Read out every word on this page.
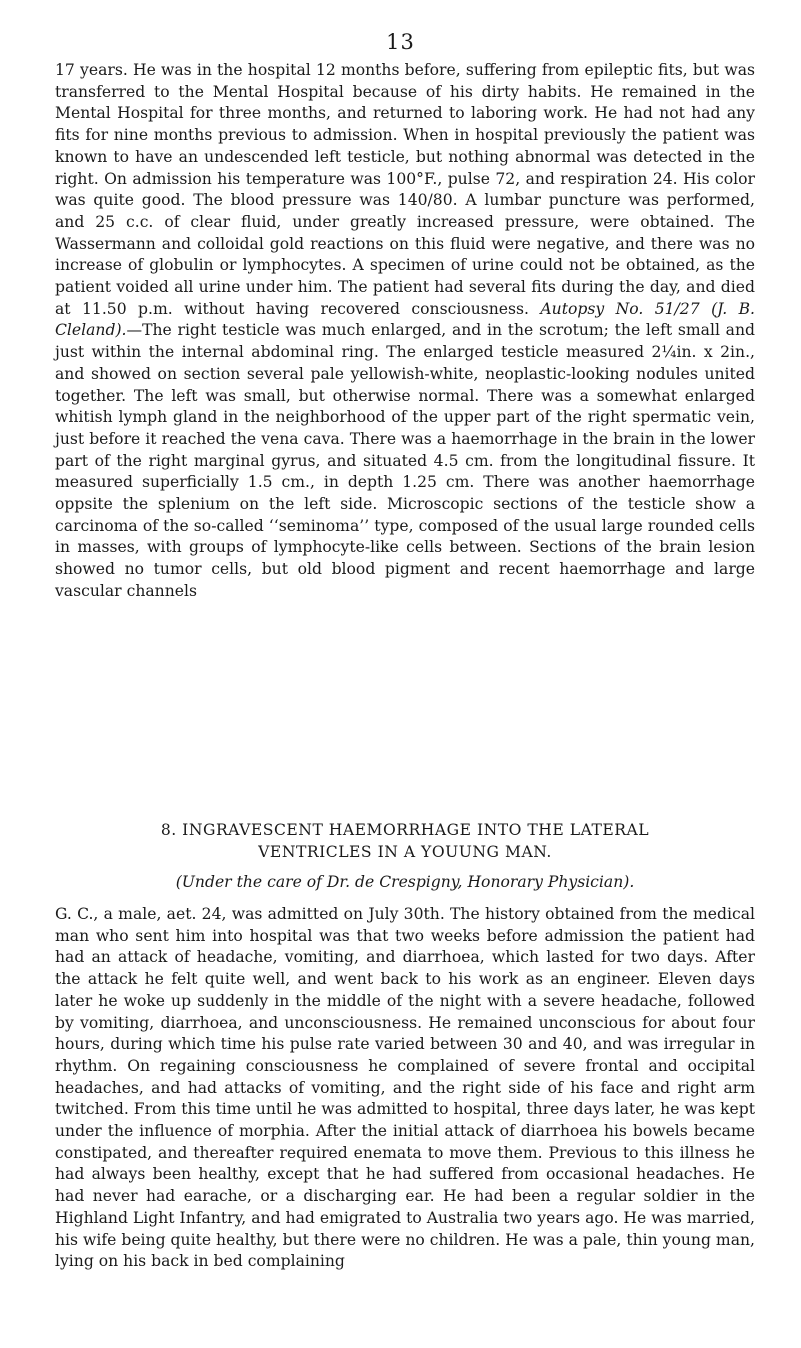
13
17 years. He was in the hospital 12 months before, suffering from epileptic fits, but was transferred to the Mental Hospital because of his dirty habits. He remained in the Mental Hospital for three months, and returned to laboring work. He had not had any fits for nine months previous to admission. When in hospital previously the patient was known to have an undescended left testicle, but nothing abnormal was detected in the right. On admission his temperature was 100°F., pulse 72, and respiration 24. His color was quite good. The blood pressure was 140/80. A lumbar puncture was performed, and 25 c.c. of clear fluid, under greatly increased pressure, were obtained. The Wassermann and colloidal gold reactions on this fluid were negative, and there was no increase of globulin or lymphocytes. A specimen of urine could not be obtained, as the patient voided all urine under him. The patient had several fits during the day, and died at 11.50 p.m. without having recovered consciousness. Autopsy No. 51/27 (J. B. Cleland).—The right testicle was much enlarged, and in the scrotum; the left small and just within the internal abdominal ring. The enlarged testicle measured 2¼in. x 2in., and showed on section several pale yellowish-white, neoplastic-looking nodules united together. The left was small, but otherwise normal. There was a somewhat enlarged whitish lymph gland in the neighborhood of the upper part of the right spermatic vein, just before it reached the vena cava. There was a haemorrhage in the brain in the lower part of the right marginal gyrus, and situated 4.5 cm. from the longitudinal fissure. It measured superficially 1.5 cm., in depth 1.25 cm. There was another haemorrhage oppsite the splenium on the left side. Microscopic sections of the testicle show a carcinoma of the so-called ‘‘seminoma’’ type, composed of the usual large rounded cells in masses, with groups of lymphocyte-like cells between. Sections of the brain lesion showed no tumor cells, but old blood pigment and recent haemorrhage and large vascular channels
8. INGRAVESCENT HAEMORRHAGE INTO THE LATERAL
VENTRICLES IN A YOUUNG MAN.
(Under the care of Dr. de Crespigny, Honorary Physician).
G. C., a male, aet. 24, was admitted on July 30th. The history obtained from the medical man who sent him into hospital was that two weeks before admission the patient had had an attack of headache, vomiting, and diarrhoea, which lasted for two days. After the attack he felt quite well, and went back to his work as an engineer. Eleven days later he woke up suddenly in the middle of the night with a severe headache, followed by vomiting, diarrhoea, and unconsciousness. He remained unconscious for about four hours, during which time his pulse rate varied between 30 and 40, and was irregular in rhythm. On regaining consciousness he complained of severe frontal and occipital headaches, and had attacks of vomiting, and the right side of his face and right arm twitched. From this time until he was admitted to hospital, three days later, he was kept under the influence of morphia. After the initial attack of diarrhoea his bowels became constipated, and thereafter required enemata to move them. Previous to this illness he had always been healthy, except that he had suffered from occasional headaches. He had never had earache, or a discharging ear. He had been a regular soldier in the Highland Light Infantry, and had emigrated to Australia two years ago. He was married, his wife being quite healthy, but there were no children. He was a pale, thin young man, lying on his back in bed complaining
